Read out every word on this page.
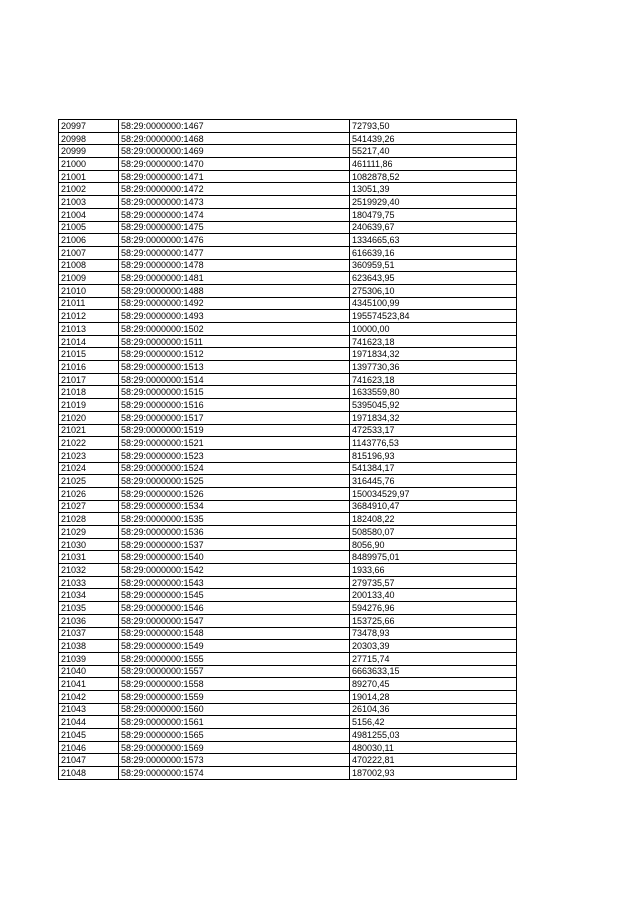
20997	58:29:0000000:1467	72793,50
20998	58:29:0000000:1468	541439,26
20999	58:29:0000000:1469	55217,40
21000	58:29:0000000:1470	461111,86
21001	58:29:0000000:1471	1082878,52
21002	58:29:0000000:1472	13051,39
21003	58:29:0000000:1473	2519929,40
21004	58:29:0000000:1474	180479,75
21005	58:29:0000000:1475	240639,67
21006	58:29:0000000:1476	1334665,63
21007	58:29:0000000:1477	616639,16
21008	58:29:0000000:1478	360959,51
21009	58:29:0000000:1481	623643,95
21010	58:29:0000000:1488	275306,10
21011	58:29:0000000:1492	4345100,99
21012	58:29:0000000:1493	195574523,84
21013	58:29:0000000:1502	10000,00
21014	58:29:0000000:1511	741623,18
21015	58:29:0000000:1512	1971834,32
21016	58:29:0000000:1513	1397730,36
21017	58:29:0000000:1514	741623,18
21018	58:29:0000000:1515	1633559,80
21019	58:29:0000000:1516	5395045,92
21020	58:29:0000000:1517	1971834,32
21021	58:29:0000000:1519	472533,17
21022	58:29:0000000:1521	1143776,53
21023	58:29:0000000:1523	815196,93
21024	58:29:0000000:1524	541384,17
21025	58:29:0000000:1525	316445,76
21026	58:29:0000000:1526	150034529,97
21027	58:29:0000000:1534	3684910,47
21028	58:29:0000000:1535	182408,22
21029	58:29:0000000:1536	508580,07
21030	58:29:0000000:1537	8056,90
21031	58:29:0000000:1540	8489975,01
21032	58:29:0000000:1542	1933,66
21033	58:29:0000000:1543	279735,57
21034	58:29:0000000:1545	200133,40
21035	58:29:0000000:1546	594276,96
21036	58:29:0000000:1547	153725,66
21037	58:29:0000000:1548	73478,93
21038	58:29:0000000:1549	20303,39
21039	58:29:0000000:1555	27715,74
21040	58:29:0000000:1557	6663633,15
21041	58:29:0000000:1558	89270,45
21042	58:29:0000000:1559	19014,28
21043	58:29:0000000:1560	26104,36
21044	58:29:0000000:1561	5156,42
21045	58:29:0000000:1565	4981255,03
21046	58:29:0000000:1569	480030,11
21047	58:29:0000000:1573	470222,81
21048	58:29:0000000:1574	187002,93
